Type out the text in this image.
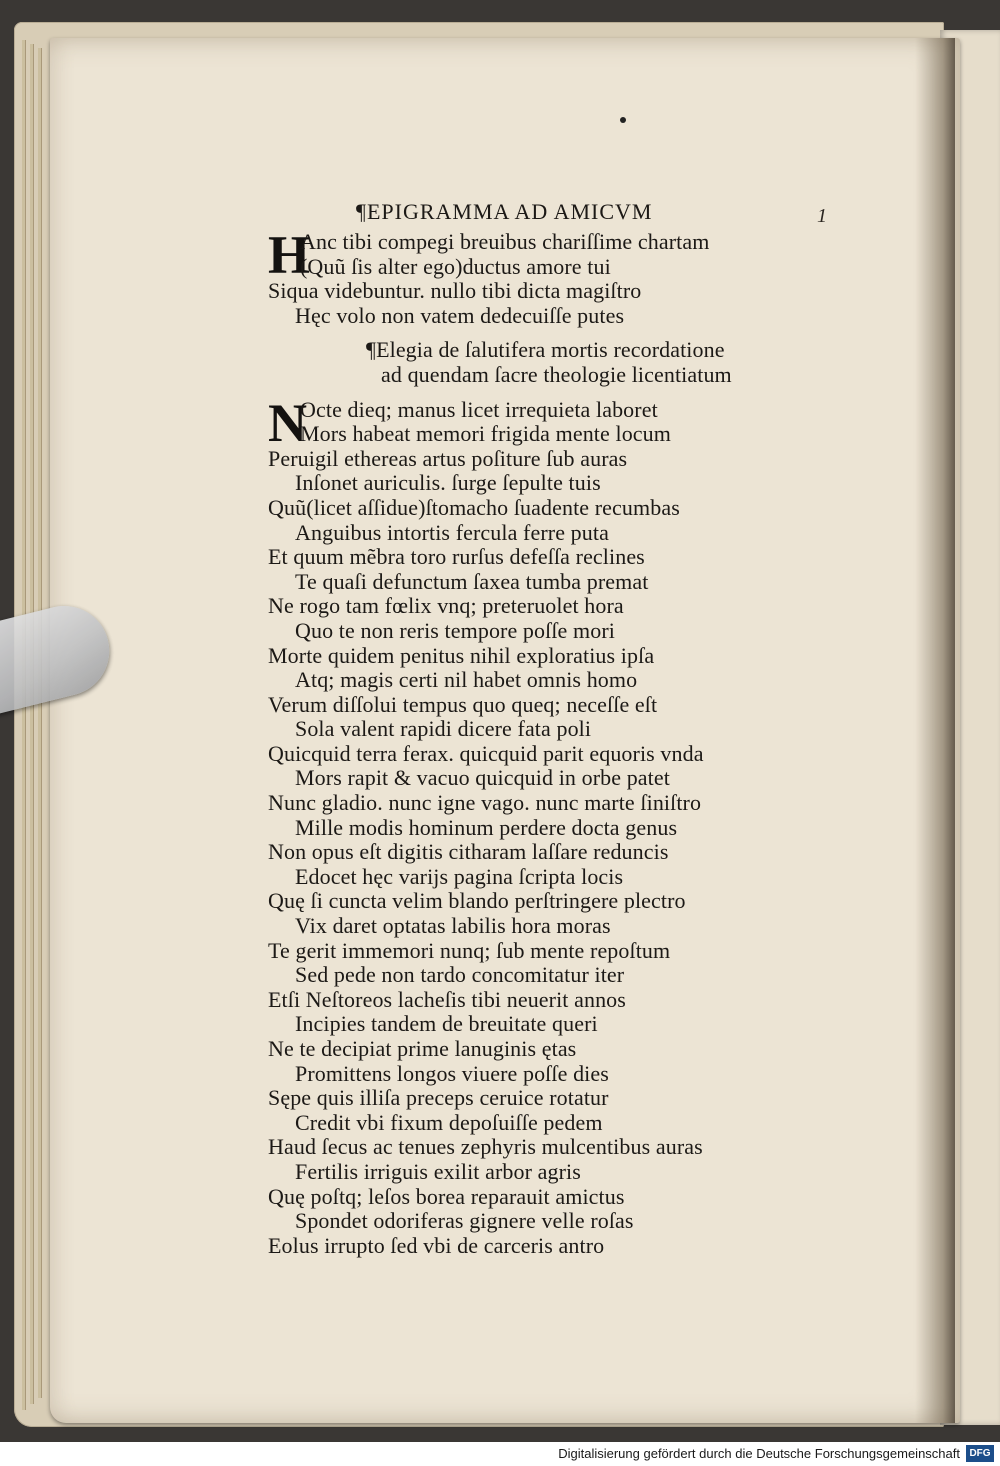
1
¶EPIGRAMMA AD AMICVM
H
Anc tibi compegi breuibus chariſſime chartam
(Quũ ſis alter ego)ductus amore tui
Siqua videbuntur. nullo tibi dicta magiſtro
Hęc volo non vatem dedecuiſſe putes
¶Elegia de ſalutifera mortis recordatione
ad quendam ſacre theologie licentiatum
N
Octe dieq; manus licet irrequieta laboret
Mors habeat memori frigida mente locum
Peruigil ethereas artus poſiture ſub auras
Inſonet auriculis. ſurge ſepulte tuis
Quũ(licet aſſidue)ſtomacho ſuadente recumbas
Anguibus intortis fercula ferre puta
Et quum mẽbra toro rurſus defeſſa reclines
Te quaſi defunctum ſaxea tumba premat
Ne rogo tam fœlix vnq; preteruolet hora
Quo te non reris tempore poſſe mori
Morte quidem penitus nihil exploratius ipſa
Atq; magis certi nil habet omnis homo
Verum diſſolui tempus quo queq; neceſſe eſt
Sola valent rapidi dicere fata poli
Quicquid terra ferax. quicquid parit equoris vnda
Mors rapit & vacuo quicquid in orbe patet
Nunc gladio. nunc igne vago. nunc marte ſiniſtro
Mille modis hominum perdere docta genus
Non opus eſt digitis citharam laſſare reduncis
Edocet hęc varijs pagina ſcripta locis
Quę ſi cuncta velim blando perſtringere plectro
Vix daret optatas labilis hora moras
Te gerit immemori nunq; ſub mente repoſtum
Sed pede non tardo concomitatur iter
Etſi Neſtoreos lacheſis tibi neuerit annos
Incipies tandem de breuitate queri
Ne te decipiat prime lanuginis ętas
Promittens longos viuere poſſe dies
Sępe quis illiſa preceps ceruice rotatur
Credit vbi fixum depoſuiſſe pedem
Haud ſecus ac tenues zephyris mulcentibus auras
Fertilis irriguis exilit arbor agris
Quę poſtq; leſos borea reparauit amictus
Spondet odoriferas gignere velle roſas
Eolus irrupto ſed vbi de carceris antro
Digitalisierung gefördert durch die Deutsche Forschungsgemeinschaft DFG
